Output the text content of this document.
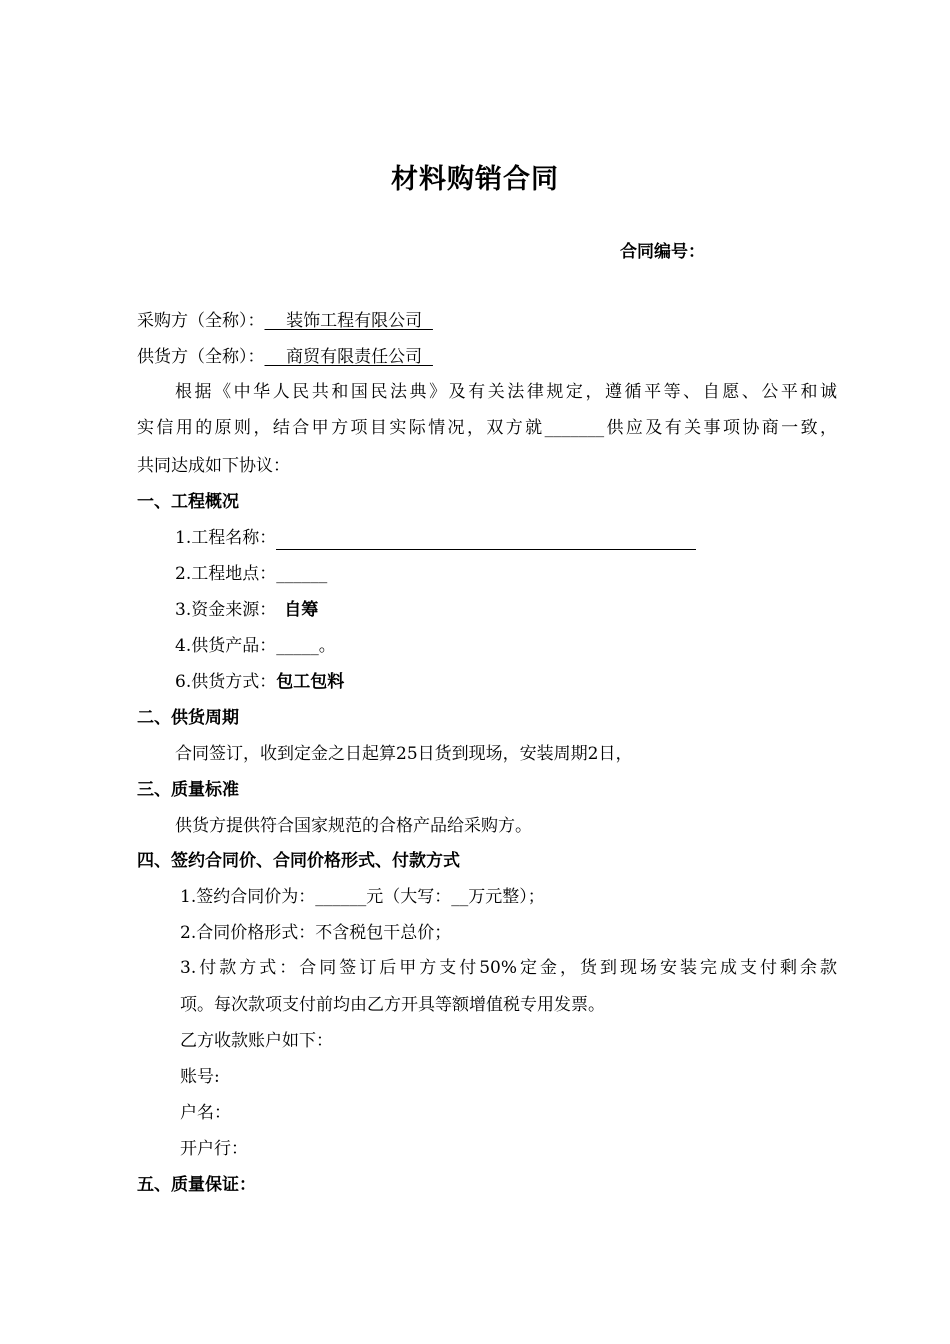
材料购销合同
合同编号：
采购方（全称）：    装饰工程有限公司
供货方（全称）：    商贸有限责任公司
根据《中华人民共和国民法典》及有关法律规定，遵循平等、自愿、公平和诚
实信用的原则，结合甲方项目实际情况，双方就_______供应及有关事项协商一致，
共同达成如下协议：
一、工程概况
1.工程名称：
2.工程地点：______
3.资金来源： 自筹
4.供货产品：_____。
6.供货方式：包工包料
二、供货周期
合同签订，收到定金之日起算25日货到现场，安装周期2日，
三、质量标准
供货方提供符合国家规范的合格产品给采购方。
四、签约合同价、合同价格形式、付款方式
1.签约合同价为：______元（大写：__万元整）；
2.合同价格形式：不含税包干总价；
3.付款方式：合同签订后甲方支付50%定金，货到现场安装完成支付剩余款
项。每次款项支付前均由乙方开具等额增值税专用发票。
乙方收款账户如下：
账号:
户名：
开户行：
五、质量保证：
